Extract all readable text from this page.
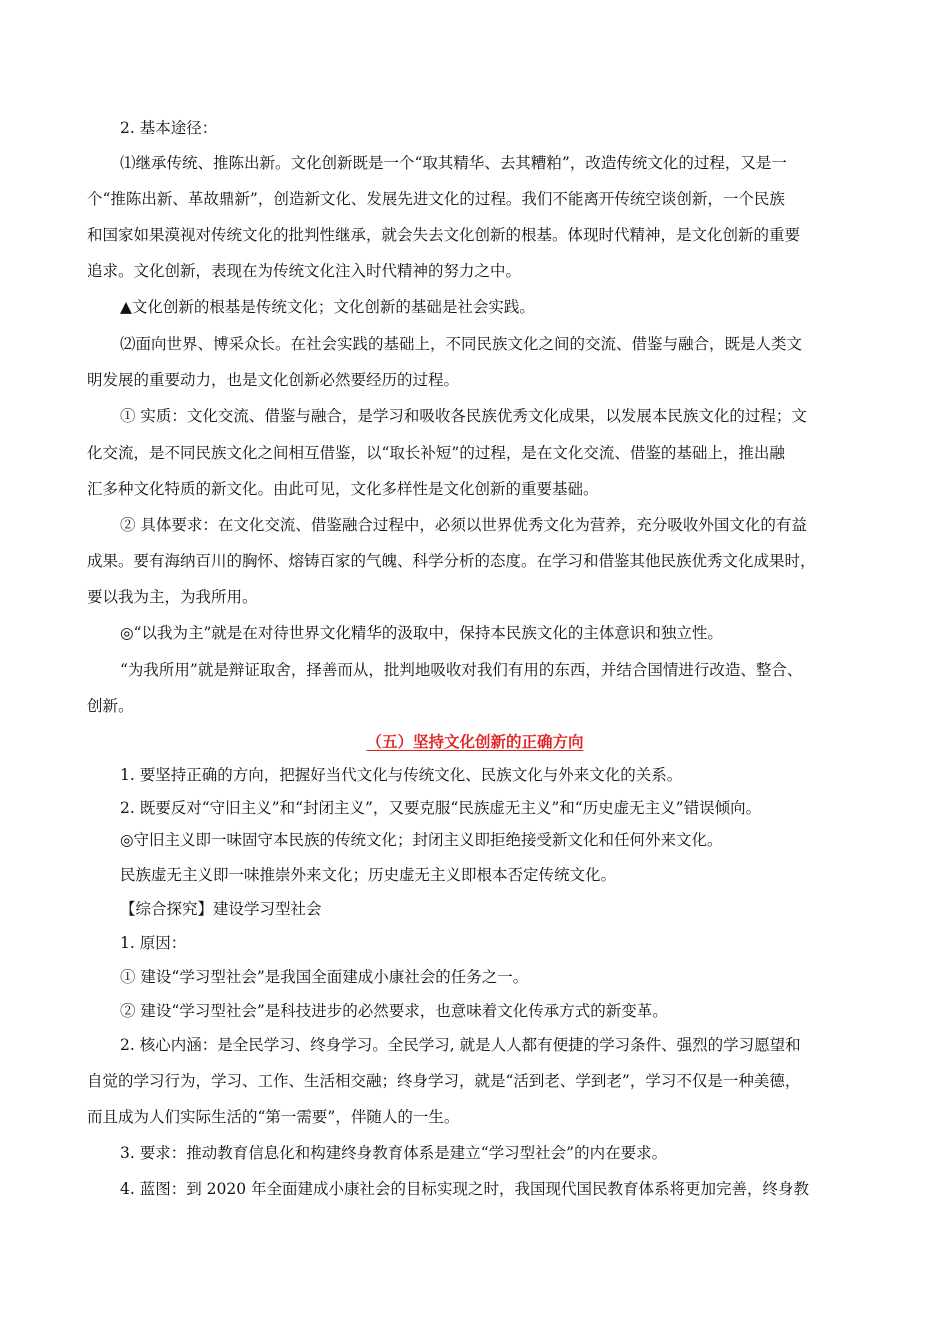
2. 基本途径：
⑴继承传统、推陈出新。文化创新既是一个“取其精华、去其糟粕”，改造传统文化的过程，又是一
个“推陈出新、革故鼎新”，创造新文化、发展先进文化的过程。我们不能离开传统空谈创新，一个民族
和国家如果漠视对传统文化的批判性继承，就会失去文化创新的根基。体现时代精神，是文化创新的重要
追求。文化创新，表现在为传统文化注入时代精神的努力之中。
▲文化创新的根基是传统文化；文化创新的基础是社会实践。
⑵面向世界、博采众长。在社会实践的基础上，不同民族文化之间的交流、借鉴与融合，既是人类文
明发展的重要动力，也是文化创新必然要经历的过程。
① 实质：文化交流、借鉴与融合，是学习和吸收各民族优秀文化成果，以发展本民族文化的过程；文
化交流，是不同民族文化之间相互借鉴，以“取长补短”的过程，是在文化交流、借鉴的基础上，推出融
汇多种文化特质的新文化。由此可见，文化多样性是文化创新的重要基础。
② 具体要求：在文化交流、借鉴融合过程中，必须以世界优秀文化为营养，充分吸收外国文化的有益
成果。要有海纳百川的胸怀、熔铸百家的气魄、科学分析的态度。在学习和借鉴其他民族优秀文化成果时，
要以我为主，为我所用。
◎“以我为主”就是在对待世界文化精华的汲取中，保持本民族文化的主体意识和独立性。
“为我所用”就是辩证取舍，择善而从，批判地吸收对我们有用的东西，并结合国情进行改造、整合、
创新。
（五）坚持文化创新的正确方向
1. 要坚持正确的方向，把握好当代文化与传统文化、民族文化与外来文化的关系。
2. 既要反对“守旧主义”和“封闭主义”，又要克服“民族虚无主义”和“历史虚无主义”错误倾向。
◎守旧主义即一味固守本民族的传统文化；封闭主义即拒绝接受新文化和任何外来文化。
民族虚无主义即一味推崇外来文化；历史虚无主义即根本否定传统文化。
【综合探究】建设学习型社会
1. 原因：
① 建设“学习型社会”是我国全面建成小康社会的任务之一。
② 建设“学习型社会”是科技进步的必然要求，也意味着文化传承方式的新变革。
2. 核心内涵：是全民学习、终身学习。全民学习, 就是人人都有便捷的学习条件、强烈的学习愿望和
自觉的学习行为，学习、工作、生活相交融；终身学习，就是“活到老、学到老”，学习不仅是一种美德，
而且成为人们实际生活的“第一需要”，伴随人的一生。
3. 要求：推动教育信息化和构建终身教育体系是建立“学习型社会”的内在要求。
4. 蓝图：到 2020 年全面建成小康社会的目标实现之时，我国现代国民教育体系将更加完善，终身教
